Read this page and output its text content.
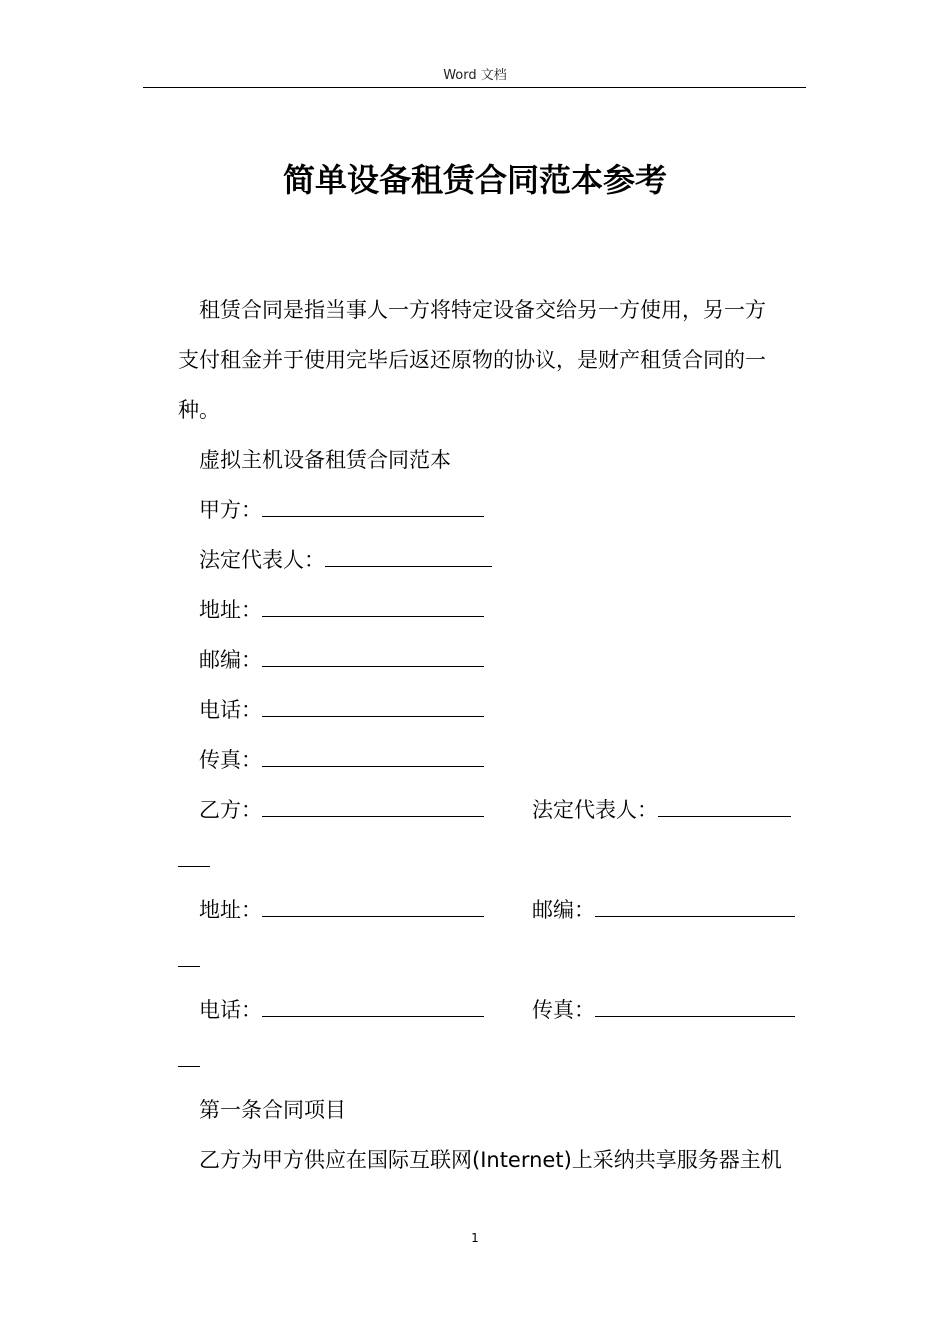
Word 文档
简单设备租赁合同范本参考
租赁合同是指当事人一方将特定设备交给另一方使用，另一方
支付租金并于使用完毕后返还原物的协议，是财产租赁合同的一
种。
虚拟主机设备租赁合同范本
甲方：
法定代表人：
地址：
邮编：
电话：
传真：
乙方：	法定代表人：
地址：	邮编：
电话：	传真：
第一条合同项目
乙方为甲方供应在国际互联网(Internet)上采纳共享服务器主机
1
